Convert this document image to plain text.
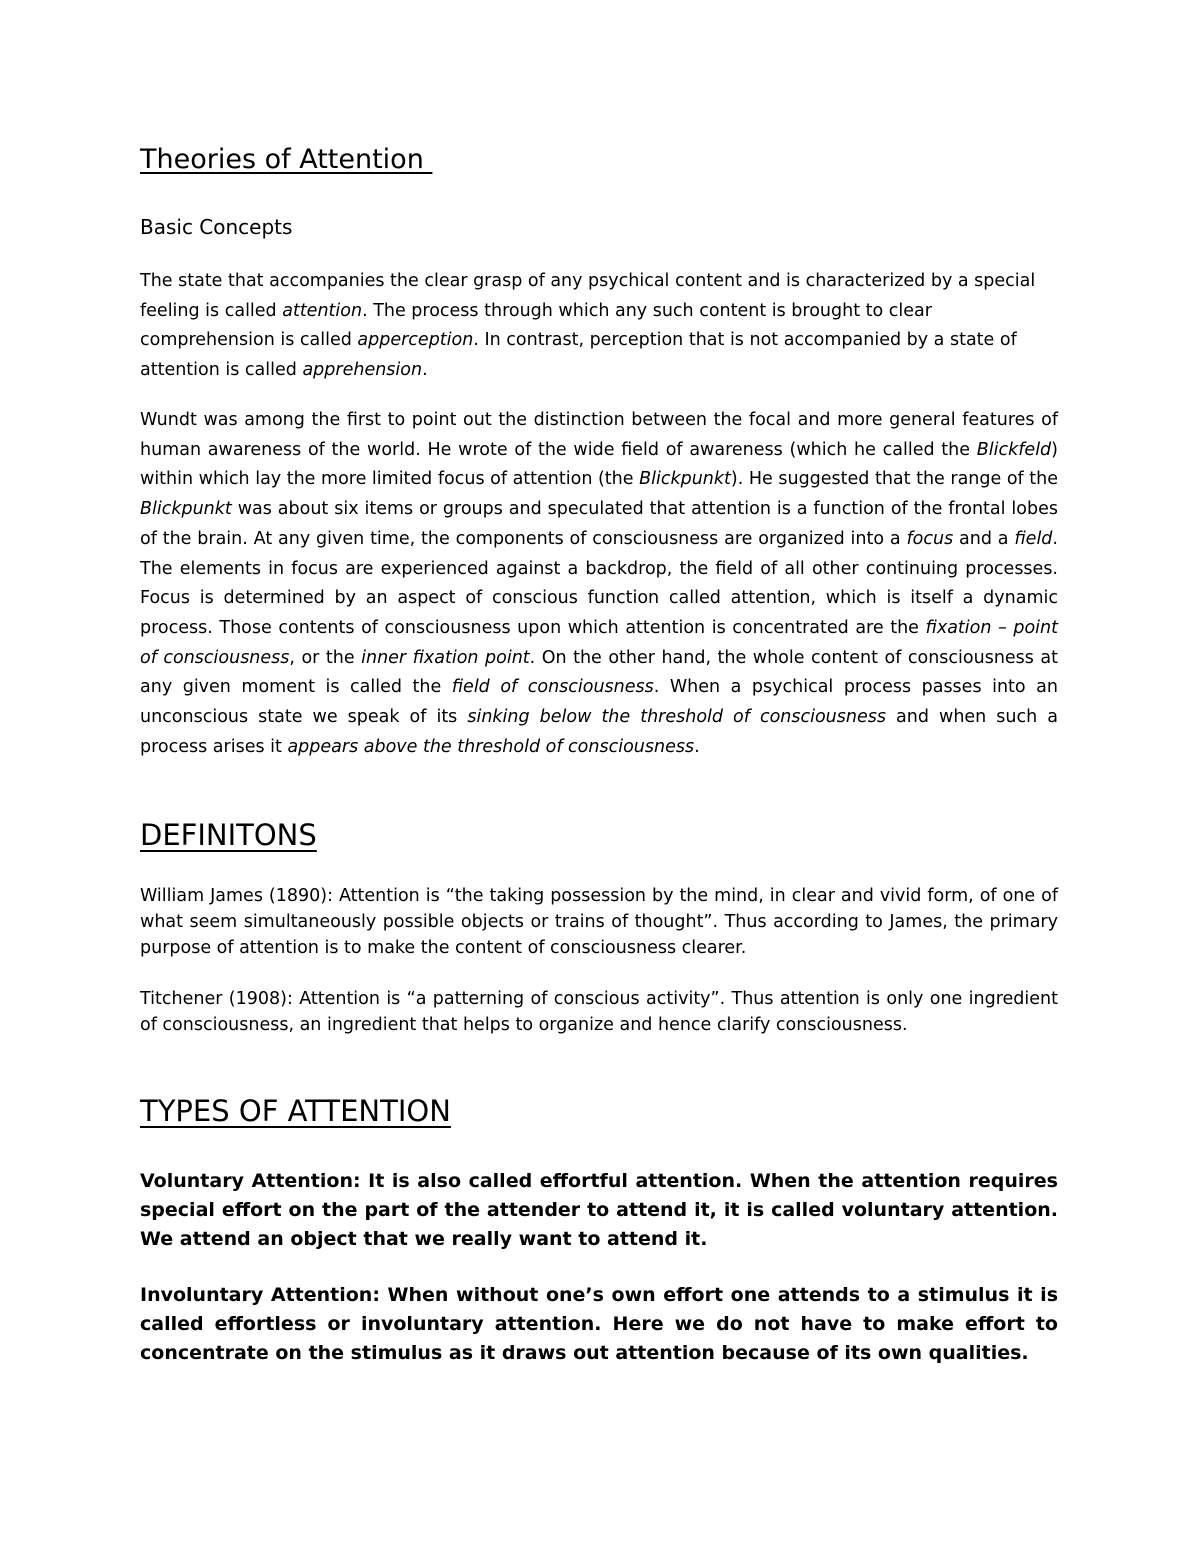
Theories of Attention
Basic Concepts

The state that accompanies the clear grasp of any psychical content and is characterized by a special feeling is called attention. The process through which any such content is brought to clear comprehension is called apperception. In contrast, perception that is not accompanied by a state of attention is called apprehension.

Wundt was among the first to point out the distinction between the focal and more general features of human awareness of the world. He wrote of the wide field of awareness (which he called the Blickfeld) within which lay the more limited focus of attention (the Blickpunkt). He suggested that the range of the Blickpunkt was about six items or groups and speculated that attention is a function of the frontal lobes of the brain. At any given time, the components of consciousness are organized into a focus and a field. The elements in focus are experienced against a backdrop, the field of all other continuing processes. Focus is determined by an aspect of conscious function called attention, which is itself a dynamic process. Those contents of consciousness upon which attention is concentrated are the fixation – point of consciousness, or the inner fixation point. On the other hand, the whole content of consciousness at any given moment is called the field of consciousness. When a psychical process passes into an unconscious state we speak of its sinking below the threshold of consciousness and when such a process arises it appears above the threshold of consciousness.

DEFINITONS

William James (1890): Attention is “the taking possession by the mind, in clear and vivid form, of one of what seem simultaneously possible objects or trains of thought”. Thus according to James, the primary purpose of attention is to make the content of consciousness clearer.

Titchener (1908): Attention is “a patterning of conscious activity”. Thus attention is only one ingredient of consciousness, an ingredient that helps to organize and hence clarify consciousness.

TYPES OF ATTENTION

Voluntary Attention: It is also called effortful attention. When the attention requires special effort on the part of the attender to attend it, it is called voluntary attention. We attend an object that we really want to attend it.

Involuntary Attention: When without one’s own effort one attends to a stimulus it is called effortless or involuntary attention. Here we do not have to make effort to concentrate on the stimulus as it draws out attention because of its own qualities.
